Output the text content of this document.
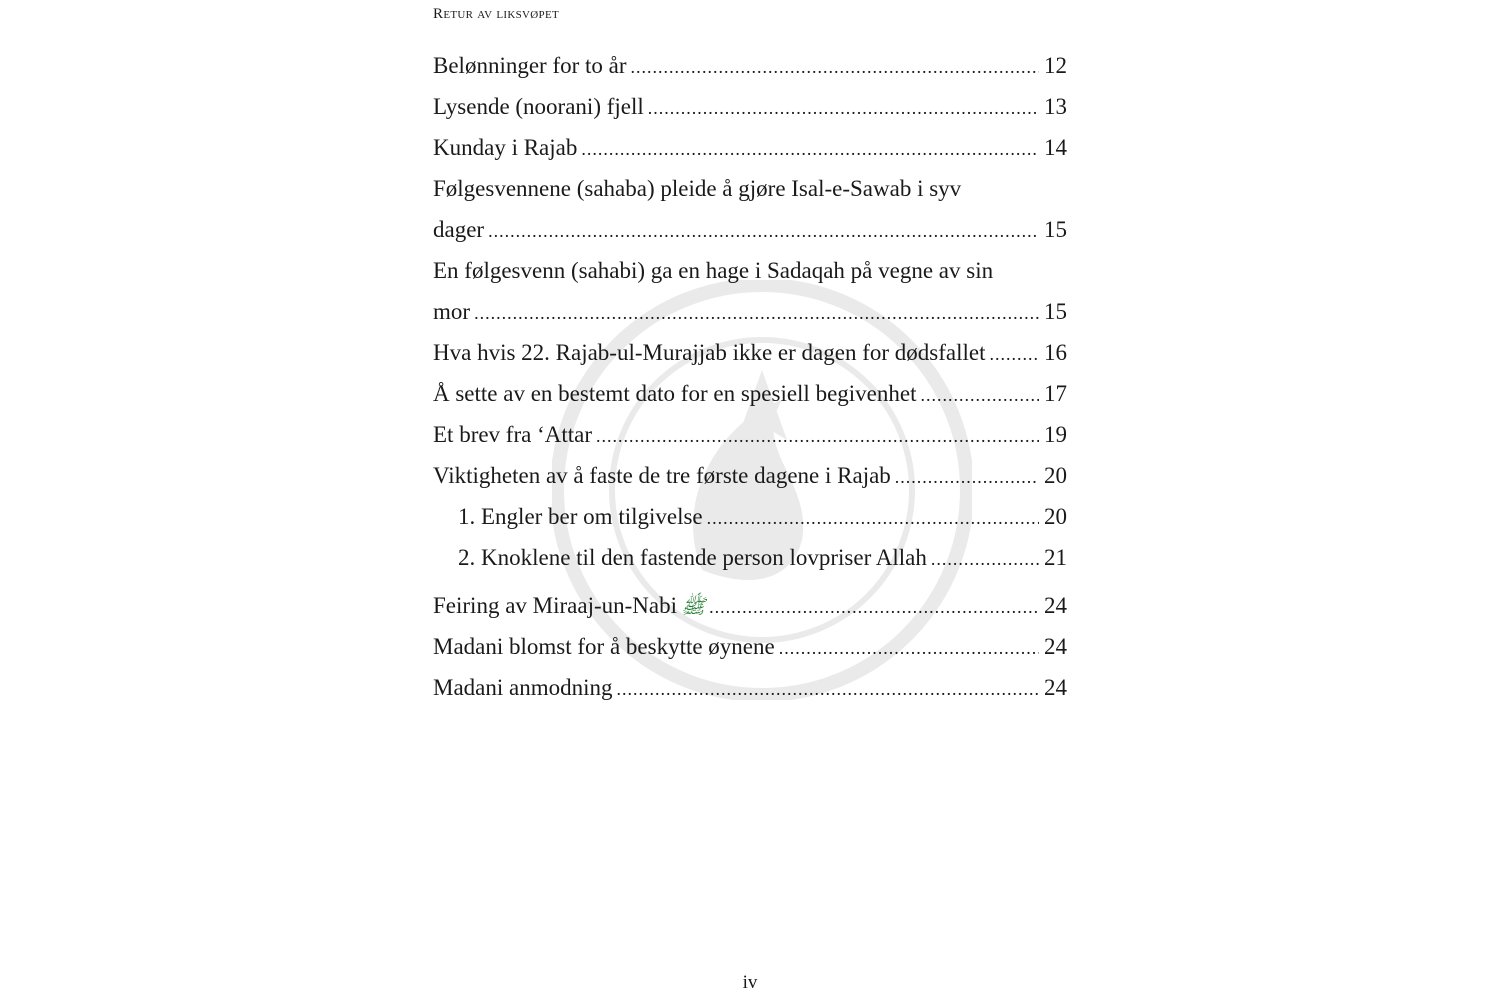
Retur av liksvøpet
Belønninger for to år .....	12
Lysende (noorani) fjell .....	13
Kunday i Rajab .....	14
Følgesvennene (sahaba) pleide å gjøre Isal-e-Sawab i syv
dager .....	15
En følgesvenn (sahabi) ga en hage i Sadaqah på vegne av sin
mor .....	15
Hva hvis 22. Rajab-ul-Murajjab ikke er dagen for dødsfallet .....	16
Å sette av en bestemt dato for en spesiell begivenhet .....	17
Et brev fra ‘Attar .....	19
Viktigheten av å faste de tre første dagene i Rajab .....	20
1. Engler ber om tilgivelse .....	20
2. Knoklene til den fastende person lovpriser Allah .....	21
Feiring av Miraaj-un-Nabi ﷺ .....	24
Madani blomst for å beskytte øynene .....	24
Madani anmodning .....	24
iv
